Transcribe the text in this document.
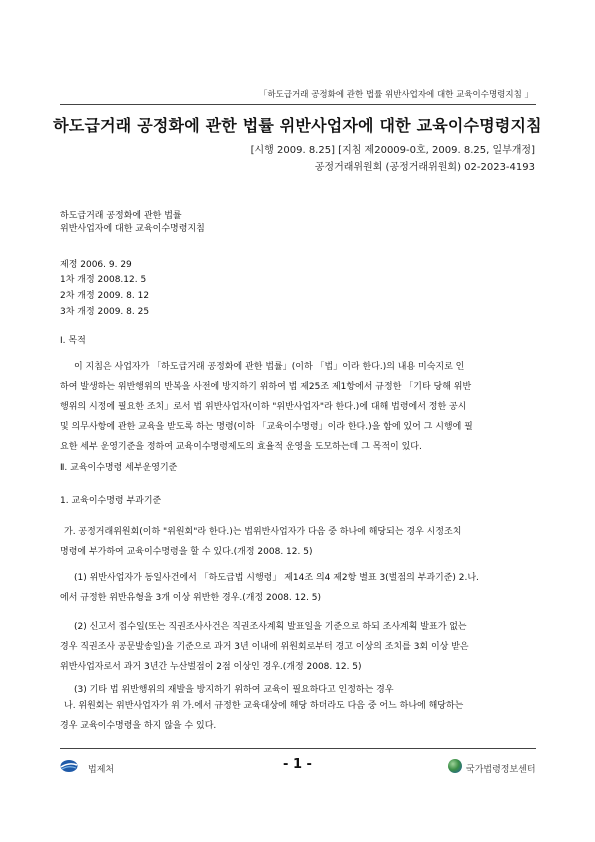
「하도급거래 공정화에 관한 법률 위반사업자에 대한 교육이수명령지침 」
하도급거래 공정화에 관한 법률 위반사업자에 대한 교육이수명령지침
[시행 2009. 8.25] [지침 제20009-0호, 2009. 8.25, 일부개정]
공정거래위원회 (공정거래위원회) 02-2023-4193
하도급거래 공정화에 관한 법률
위반사업자에 대한 교육이수명령지침
제정 2006. 9. 29
1차 개정 2008.12. 5
2차 개정 2009. 8. 12
3차 개정 2009. 8. 25
Ⅰ. 목적
이 지침은 사업자가 「하도급거래 공정화에 관한 법률」(이하 「법」이라 한다.)의 내용 미숙지로 인
하여 발생하는 위반행위의 반복을 사전에 방지하기 위하여 법 제25조 제1항에서 규정한 「기타 당해 위반
행위의 시정에 필요한 조치」로서 법 위반사업자(이하 "위반사업자"라 한다.)에 대해 법령에서 정한 공시
및 의무사항에 관한 교육을 받도록 하는 명령(이하 「교육이수명령」이라 한다.)을 함에 있어 그 시행에 필
요한 세부 운영기준을 정하여 교육이수명령제도의 효율적 운영을 도모하는데 그 목적이 있다.
Ⅱ. 교육이수명령 세부운영기준
1. 교육이수명령 부과기준
가. 공정거래위원회(이하 "위원회"라 한다.)는 법위반사업자가 다음 중 하나에 해당되는 경우 시정조치
명령에 부가하여 교육이수명령을 할 수 있다.(개정 2008. 12. 5)
(1) 위반사업자가 동일사건에서 「하도급법 시행령」 제14조 의4 제2항 별표 3(벌점의 부과기준) 2.나.
에서 규정한 위반유형을 3개 이상 위반한 경우.(개정 2008. 12. 5)
(2) 신고서 접수일(또는 직권조사사건은 직권조사계획 발표일을 기준으로 하되 조사계획 발표가 없는
경우 직권조사 공문발송일)을 기준으로 과거 3년 이내에 위원회로부터 경고 이상의 조치를 3회 이상 받은
위반사업자로서 과거 3년간 누산벌점이 2점 이상인 경우.(개정 2008. 12. 5)
(3) 기타 법 위반행위의 재발을 방지하기 위하여 교육이 필요하다고 인정하는 경우
나. 위원회는 위반사업자가 위 가.에서 규정한 교육대상에 해당 하더라도 다음 중 어느 하나에 해당하는
경우 교육이수명령을 하지 않을 수 있다.
법제처	- 1 -	국가법령정보센터
